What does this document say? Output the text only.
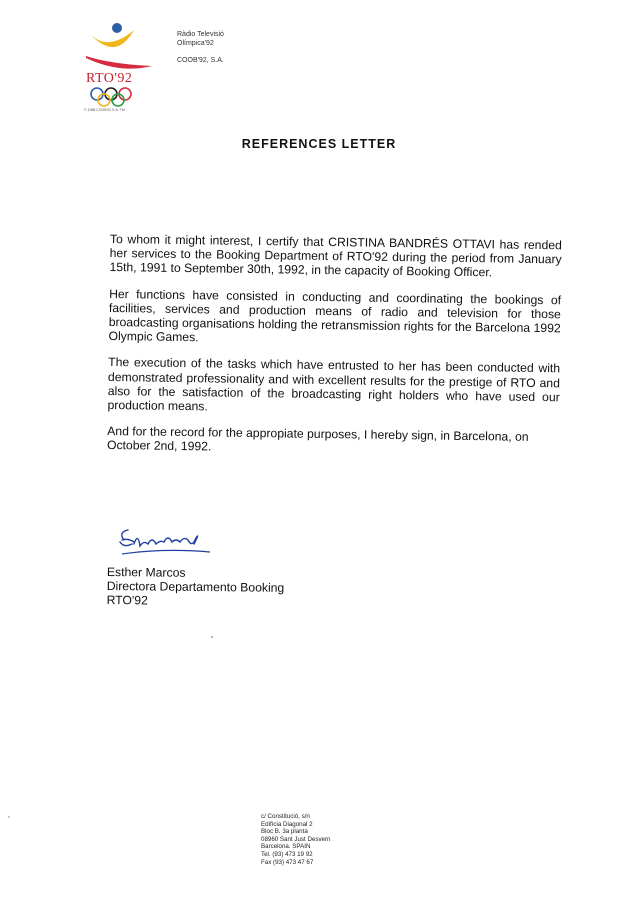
RTO'92
© 1988 COOB'92 S.A. TM
Ràdio Televisió
Olímpica'92
COOB'92, S.A.
REFERENCES LETTER

To whom it might interest, I certify that CRISTINA BANDRÉS OTTAVI has rended her services to the Booking Department of RTO'92 during the period from January 15th, 1991 to September 30th, 1992, in the capacity of Booking Officer.

Her functions have consisted in conducting and coordinating the bookings of facilities, services and production means of radio and television for those broadcasting organisations holding the retransmission rights for the Barcelona 1992 Olympic Games.

The execution of the tasks which have entrusted to her has been conducted with demonstrated professionality and with excellent results for the prestige of RTO and also for the satisfaction of the broadcasting right holders who have used our production means.

And for the record for the appropiate purposes, I hereby sign, in Barcelona, on October 2nd, 1992.

Esther Marcos
Directora Departamento Booking
RTO'92
c/ Constitució, s/n
Edifícia Diagonal 2
Bloc B. 3a planta
08960 Sant Just Desvern
Barcelona. SPAIN
Tel. (93) 473 19 92
Fax (93) 473 47 67
